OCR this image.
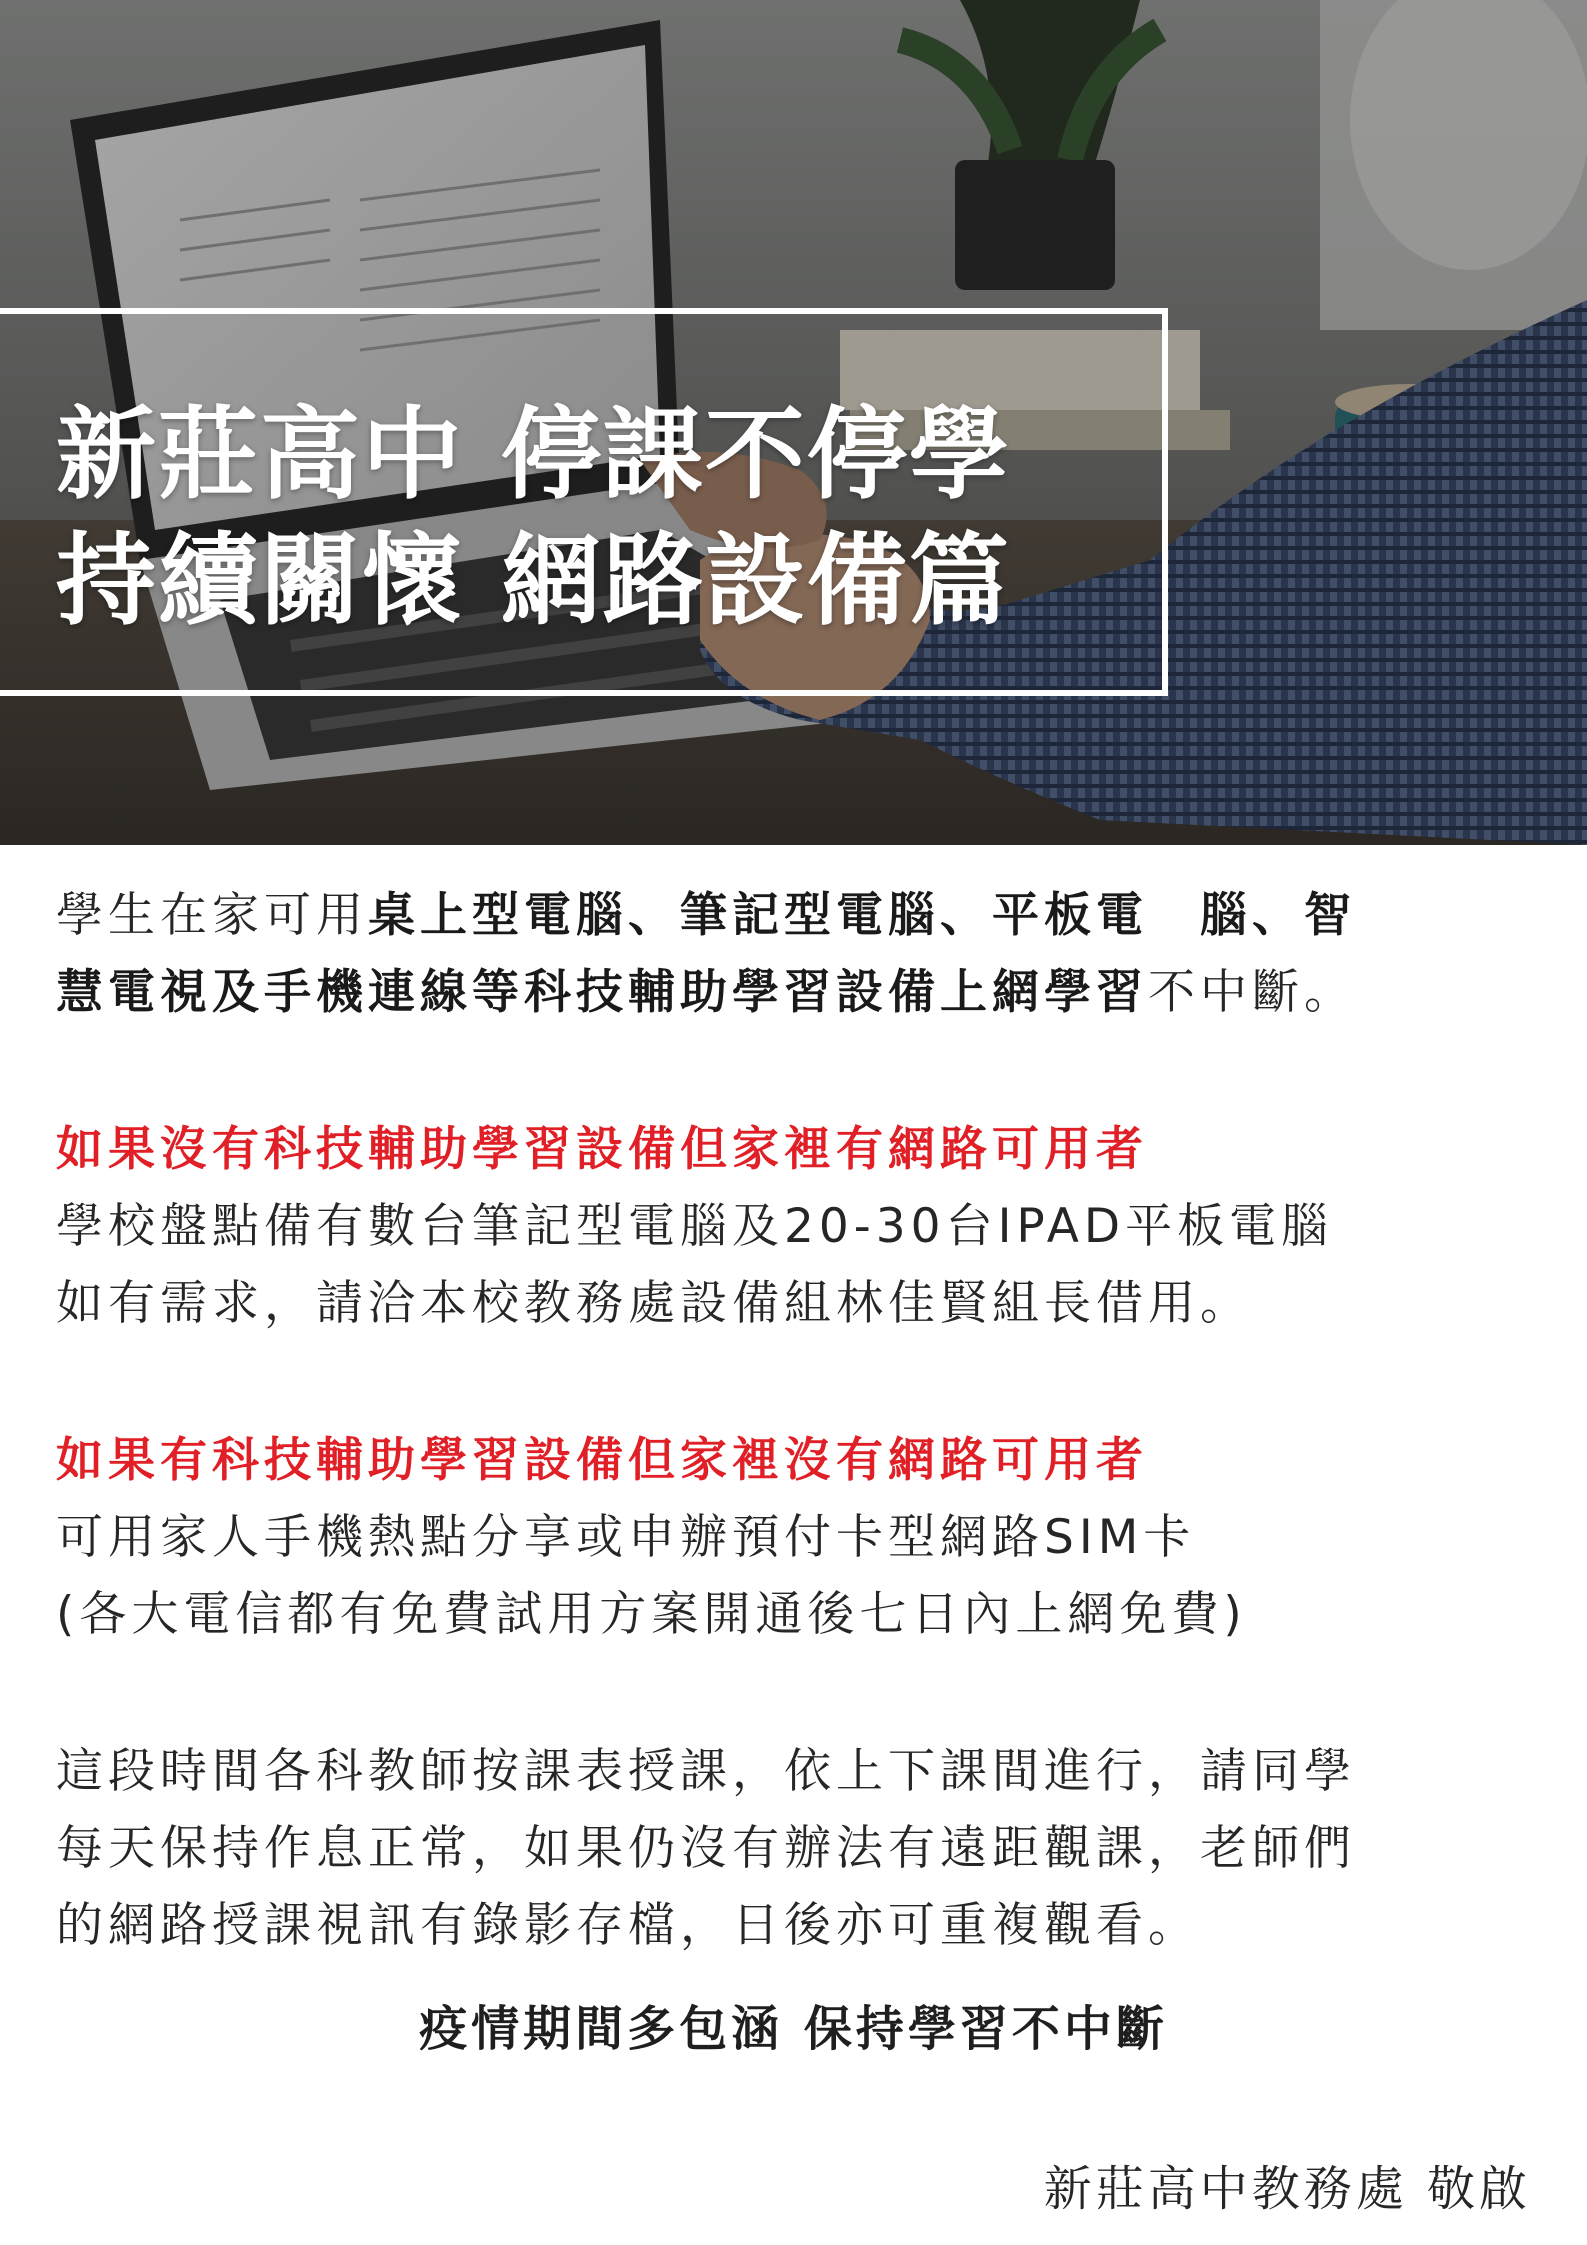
新莊高中 停課不停學
持續關懷 網路設備篇

學生在家可用桌上型電腦、筆記型電腦、平板電　腦、智
慧電視及手機連線等科技輔助學習設備上網學習不中斷。

如果沒有科技輔助學習設備但家裡有網路可用者
學校盤點備有數台筆記型電腦及20-30台IPAD平板電腦
如有需求，請洽本校教務處設備組林佳賢組長借用。

如果有科技輔助學習設備但家裡沒有網路可用者
可用家人手機熱點分享或申辦預付卡型網路SIM卡
(各大電信都有免費試用方案開通後七日內上網免費)

這段時間各科教師按課表授課，依上下課間進行，請同學
每天保持作息正常，如果仍沒有辦法有遠距觀課，老師們
的網路授課視訊有錄影存檔，日後亦可重複觀看。

疫情期間多包涵 保持學習不中斷

新莊高中教務處 敬啟
